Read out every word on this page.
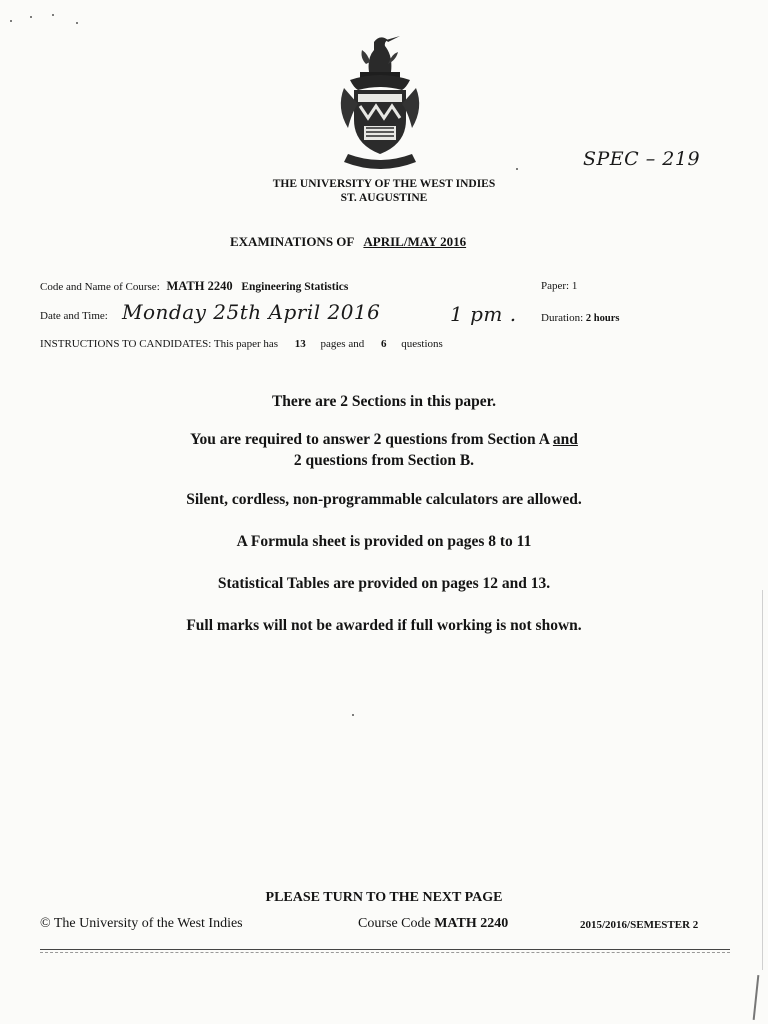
SPEC – 219
THE UNIVERSITY OF THE WEST INDIES
ST. AUGUSTINE
EXAMINATIONS OF APRIL/MAY 2016
Code and Name of Course: MATH 2240 Engineering Statistics	Paper: 1
Date and Time: Monday 25th April 2016	1 pm . Duration: 2 hours
INSTRUCTIONS TO CANDIDATES: This paper has 13 pages and 6 questions
There are 2 Sections in this paper.
You are required to answer 2 questions from Section A and
2 questions from Section B.
Silent, cordless, non-programmable calculators are allowed.
A Formula sheet is provided on pages 8 to 11
Statistical Tables are provided on pages 12 and 13.
Full marks will not be awarded if full working is not shown.
PLEASE TURN TO THE NEXT PAGE
© The University of the West Indies	Course Code MATH 2240	2015/2016/SEMESTER 2
